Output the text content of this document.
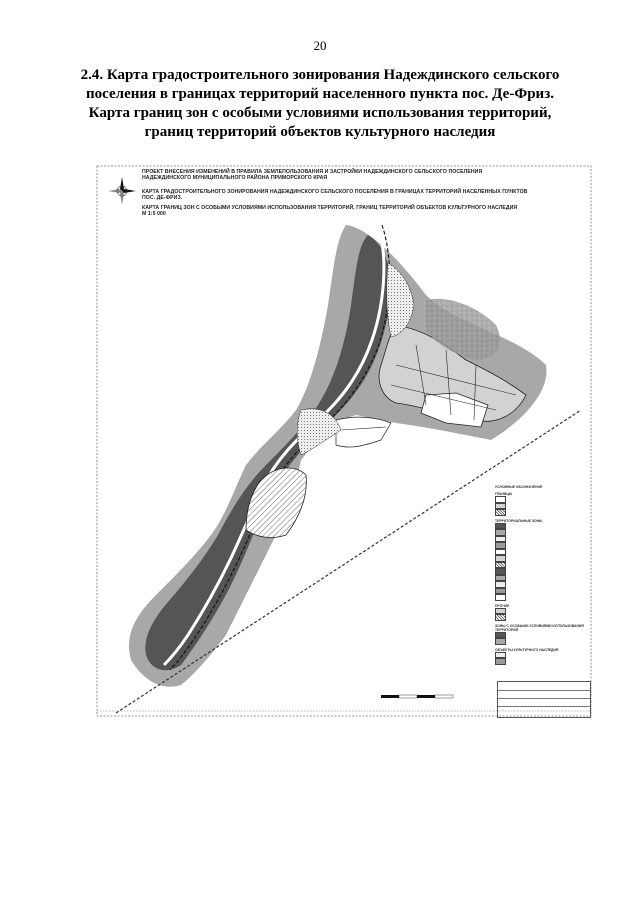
20
2.4. Карта градостроительного зонирования Надеждинского сельского
поселения в границах территорий населенного пункта пос. Де-Фриз.
Карта границ зон с особыми условиями использования территорий,
границ территорий объектов культурного наследия
ПРОЕКТ ВНЕСЕНИЯ ИЗМЕНЕНИЙ В ПРАВИЛА ЗЕМЛЕПОЛЬЗОВАНИЯ И ЗАСТРОЙКИ НАДЕЖДИНСКОГО СЕЛЬСКОГО ПОСЕЛЕНИЯ
НАДЕЖДИНСКОГО МУНИЦИПАЛЬНОГО РАЙОНА ПРИМОРСКОГО КРАЯ
КАРТА ГРАДОСТРОИТЕЛЬНОГО ЗОНИРОВАНИЯ НАДЕЖДИНСКОГО СЕЛЬСКОГО ПОСЕЛЕНИЯ В ГРАНИЦАХ ТЕРРИТОРИЙ НАСЕЛЕННЫХ ПУНКТОВ
ПОС. ДЕ-ФРИЗ.
КАРТА ГРАНИЦ ЗОН С ОСОБЫМИ УСЛОВИЯМИ ИСПОЛЬЗОВАНИЯ ТЕРРИТОРИЙ, ГРАНИЦ ТЕРРИТОРИЙ ОБЪЕКТОВ КУЛЬТУРНОГО НАСЛЕДИЯ
М 1:5 000
УСЛОВНЫЕ ОБОЗНАЧЕНИЯ
ГРАНИЦЫ
ТЕРРИТОРИАЛЬНЫЕ ЗОНЫ
ПРОЧИЕ
ЗОНЫ С ОСОБЫМИ УСЛОВИЯМИ ИСПОЛЬЗОВАНИЯ ТЕРРИТОРИЙ
ОБЪЕКТЫ КУЛЬТУРНОГО НАСЛЕДИЯ
